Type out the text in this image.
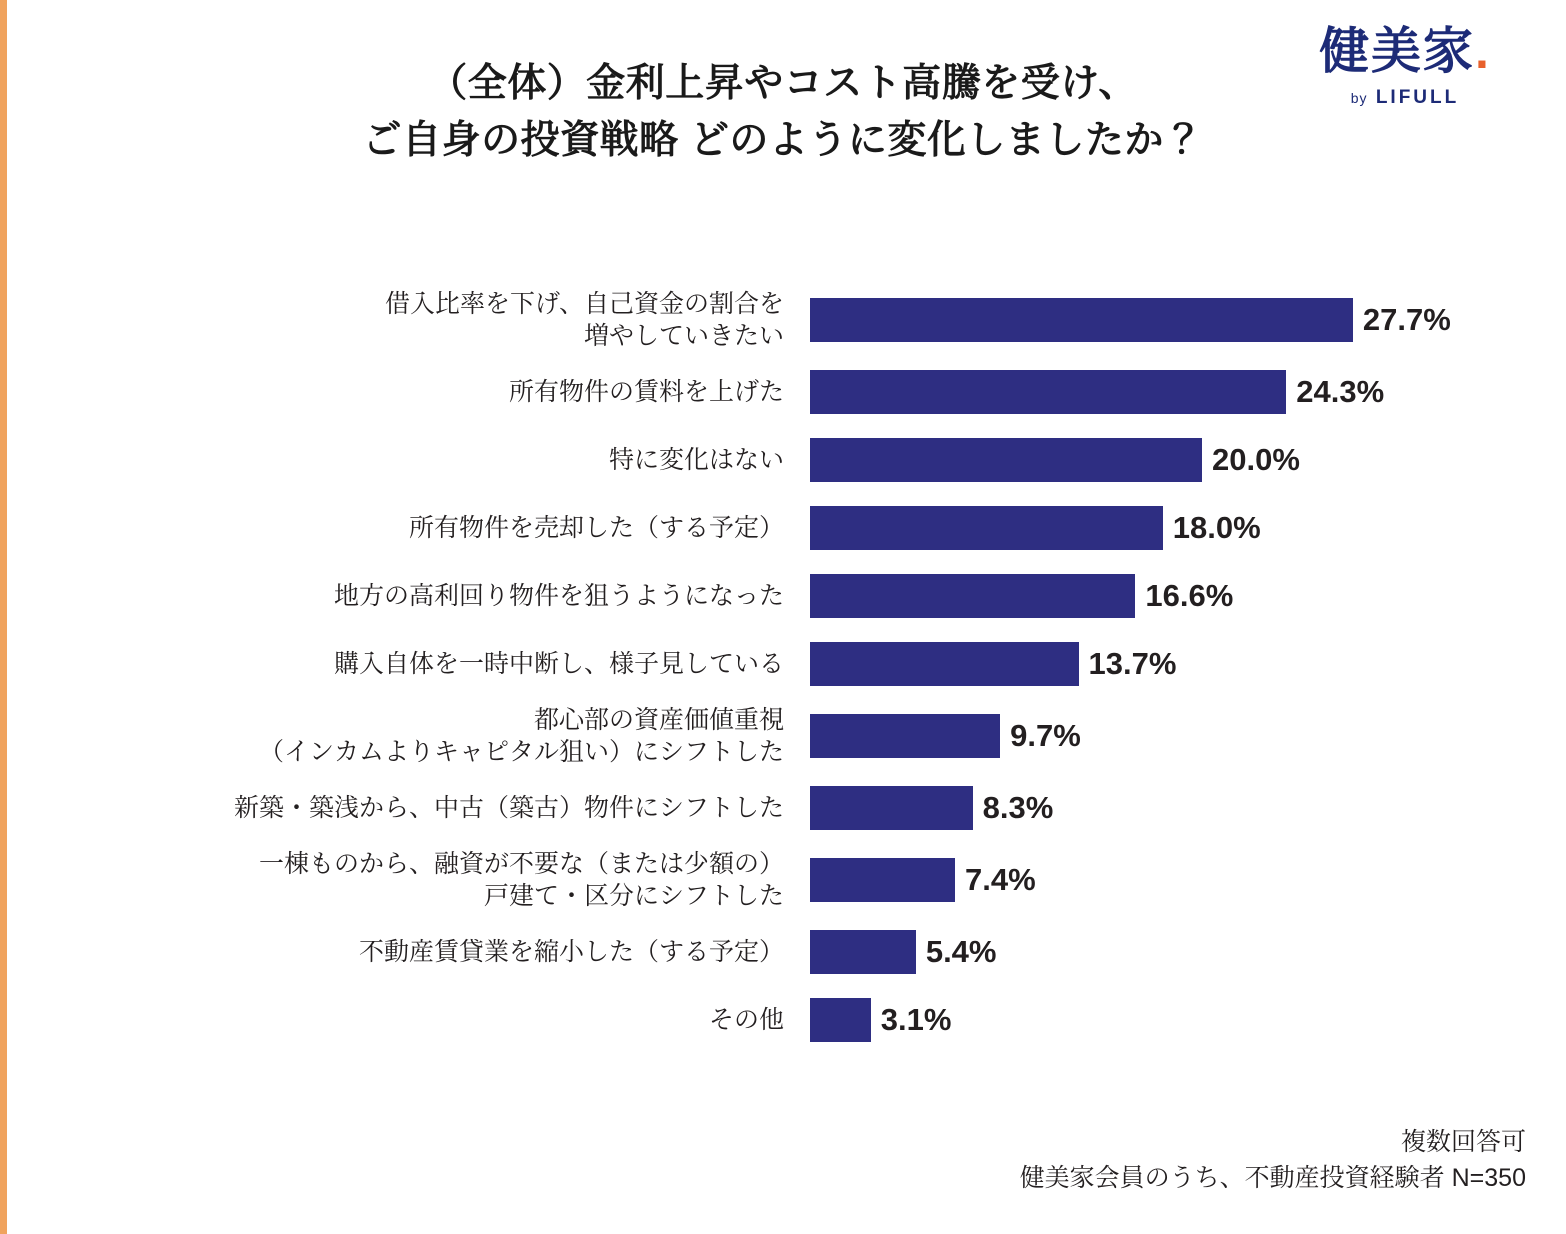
健美家.
by LIFULL
（全体）金利上昇やコスト高騰を受け、
ご自身の投資戦略 どのように変化しましたか？
借入比率を下げ、自己資金の割合を
増やしていきたい	27.7%
所有物件の賃料を上げた	24.3%
特に変化はない	20.0%
所有物件を売却した（する予定）	18.0%
地方の高利回り物件を狙うようになった	16.6%
購入自体を一時中断し、様子見している	13.7%
都心部の資産価値重視
（インカムよりキャピタル狙い）にシフトした	9.7%
新築・築浅から、中古（築古）物件にシフトした	8.3%
一棟ものから、融資が不要な（または少額の）
戸建て・区分にシフトした	7.4%
不動産賃貸業を縮小した（する予定）	5.4%
その他	3.1%
複数回答可
健美家会員のうち、不動産投資経験者 N=350
